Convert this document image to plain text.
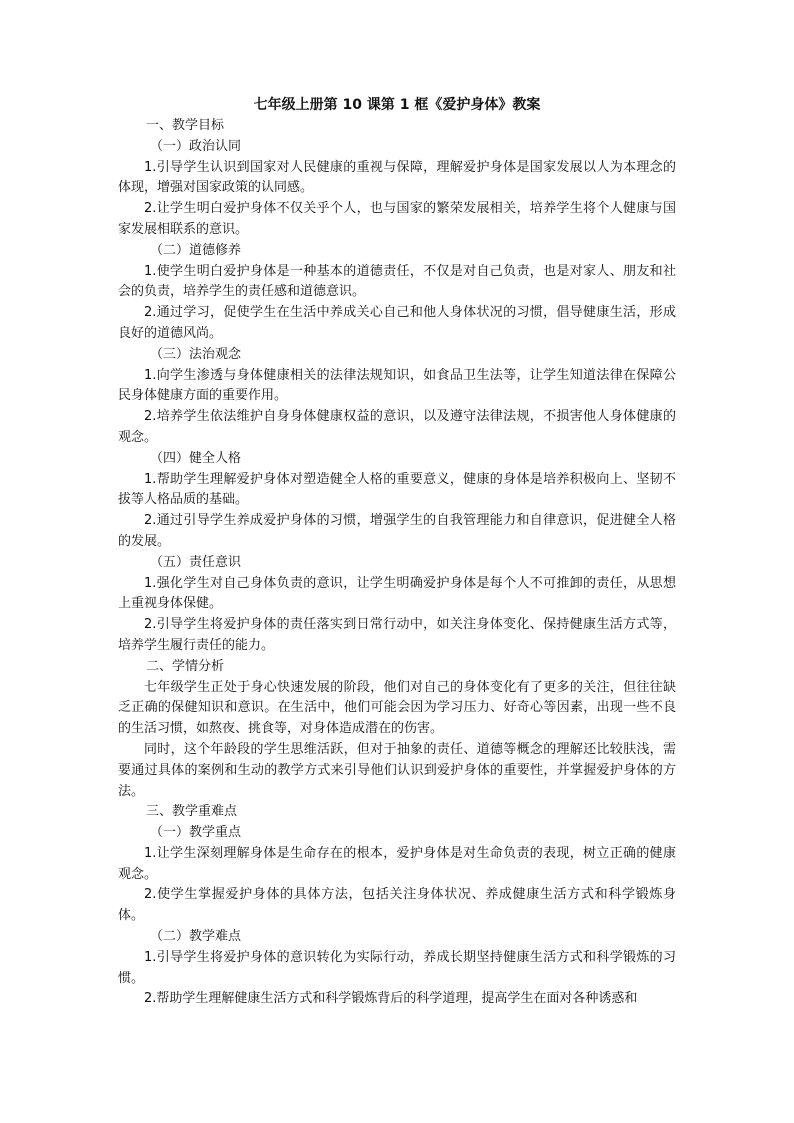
七年级上册第 10 课第 1 框《爱护身体》教案

一、教学目标

（一）政治认同

1.引导学生认识到国家对人民健康的重视与保障，理解爱护身体是国家发展以人为本理念的体现，增强对国家政策的认同感。

2.让学生明白爱护身体不仅关乎个人，也与国家的繁荣发展相关，培养学生将个人健康与国家发展相联系的意识。

（二）道德修养

1.使学生明白爱护身体是一种基本的道德责任，不仅是对自己负责，也是对家人、朋友和社会的负责，培养学生的责任感和道德意识。

2.通过学习，促使学生在生活中养成关心自己和他人身体状况的习惯，倡导健康生活，形成良好的道德风尚。

（三）法治观念

1.向学生渗透与身体健康相关的法律法规知识，如食品卫生法等，让学生知道法律在保障公民身体健康方面的重要作用。

2.培养学生依法维护自身身体健康权益的意识，以及遵守法律法规，不损害他人身体健康的观念。

（四）健全人格

1.帮助学生理解爱护身体对塑造健全人格的重要意义，健康的身体是培养积极向上、坚韧不拔等人格品质的基础。

2.通过引导学生养成爱护身体的习惯，增强学生的自我管理能力和自律意识，促进健全人格的发展。

（五）责任意识

1.强化学生对自己身体负责的意识，让学生明确爱护身体是每个人不可推卸的责任，从思想上重视身体保健。

2.引导学生将爱护身体的责任落实到日常行动中，如关注身体变化、保持健康生活方式等，培养学生履行责任的能力。

二、学情分析

七年级学生正处于身心快速发展的阶段，他们对自己的身体变化有了更多的关注，但往往缺乏正确的保健知识和意识。在生活中，他们可能会因为学习压力、好奇心等因素，出现一些不良的生活习惯，如熬夜、挑食等，对身体造成潜在的伤害。

同时，这个年龄段的学生思维活跃，但对于抽象的责任、道德等概念的理解还比较肤浅，需要通过具体的案例和生动的教学方式来引导他们认识到爱护身体的重要性，并掌握爱护身体的方法。

三、教学重难点

（一）教学重点

1.让学生深刻理解身体是生命存在的根本，爱护身体是对生命负责的表现，树立正确的健康观念。

2.使学生掌握爱护身体的具体方法，包括关注身体状况、养成健康生活方式和科学锻炼身体。

（二）教学难点

1.引导学生将爱护身体的意识转化为实际行动，养成长期坚持健康生活方式和科学锻炼的习惯。

2.帮助学生理解健康生活方式和科学锻炼背后的科学道理，提高学生在面对各种诱惑和
